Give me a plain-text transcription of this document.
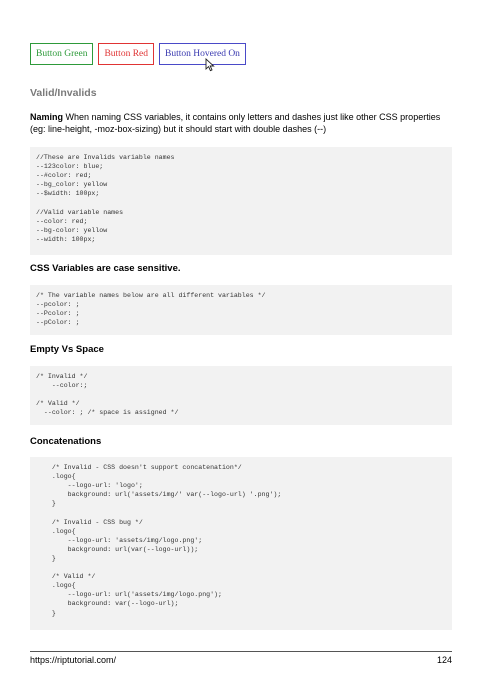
Button Green	Button Red	Button Hovered On
Valid/Invalids

Naming When naming CSS variables, it contains only letters and dashes just like other CSS properties (eg: line-height, -moz-box-sizing) but it should start with double dashes (--)

//These are Invalids variable names
--123color: blue;
--#color: red;
--bg_color: yellow
--$width: 100px;

//Valid variable names
--color: red;
--bg-color: yellow
--width: 100px;
CSS Variables are case sensitive.
/* The variable names below are all different variables */
--pcolor: ;
--Pcolor: ;
--pColor: ;
Empty Vs Space
/* Invalid */
--color:;

/* Valid */
--color: ; /* space is assigned */
Concatenations
/* Invalid - CSS doesn't support concatenation*/
.logo{
--logo-url: 'logo';
background: url('assets/img/' var(--logo-url) '.png');
}

/* Invalid - CSS bug */
.logo{
--logo-url: 'assets/img/logo.png';
background: url(var(--logo-url));
}

/* Valid */
.logo{
--logo-url: url('assets/img/logo.png');
background: var(--logo-url);
}
https://riptutorial.com/	124
